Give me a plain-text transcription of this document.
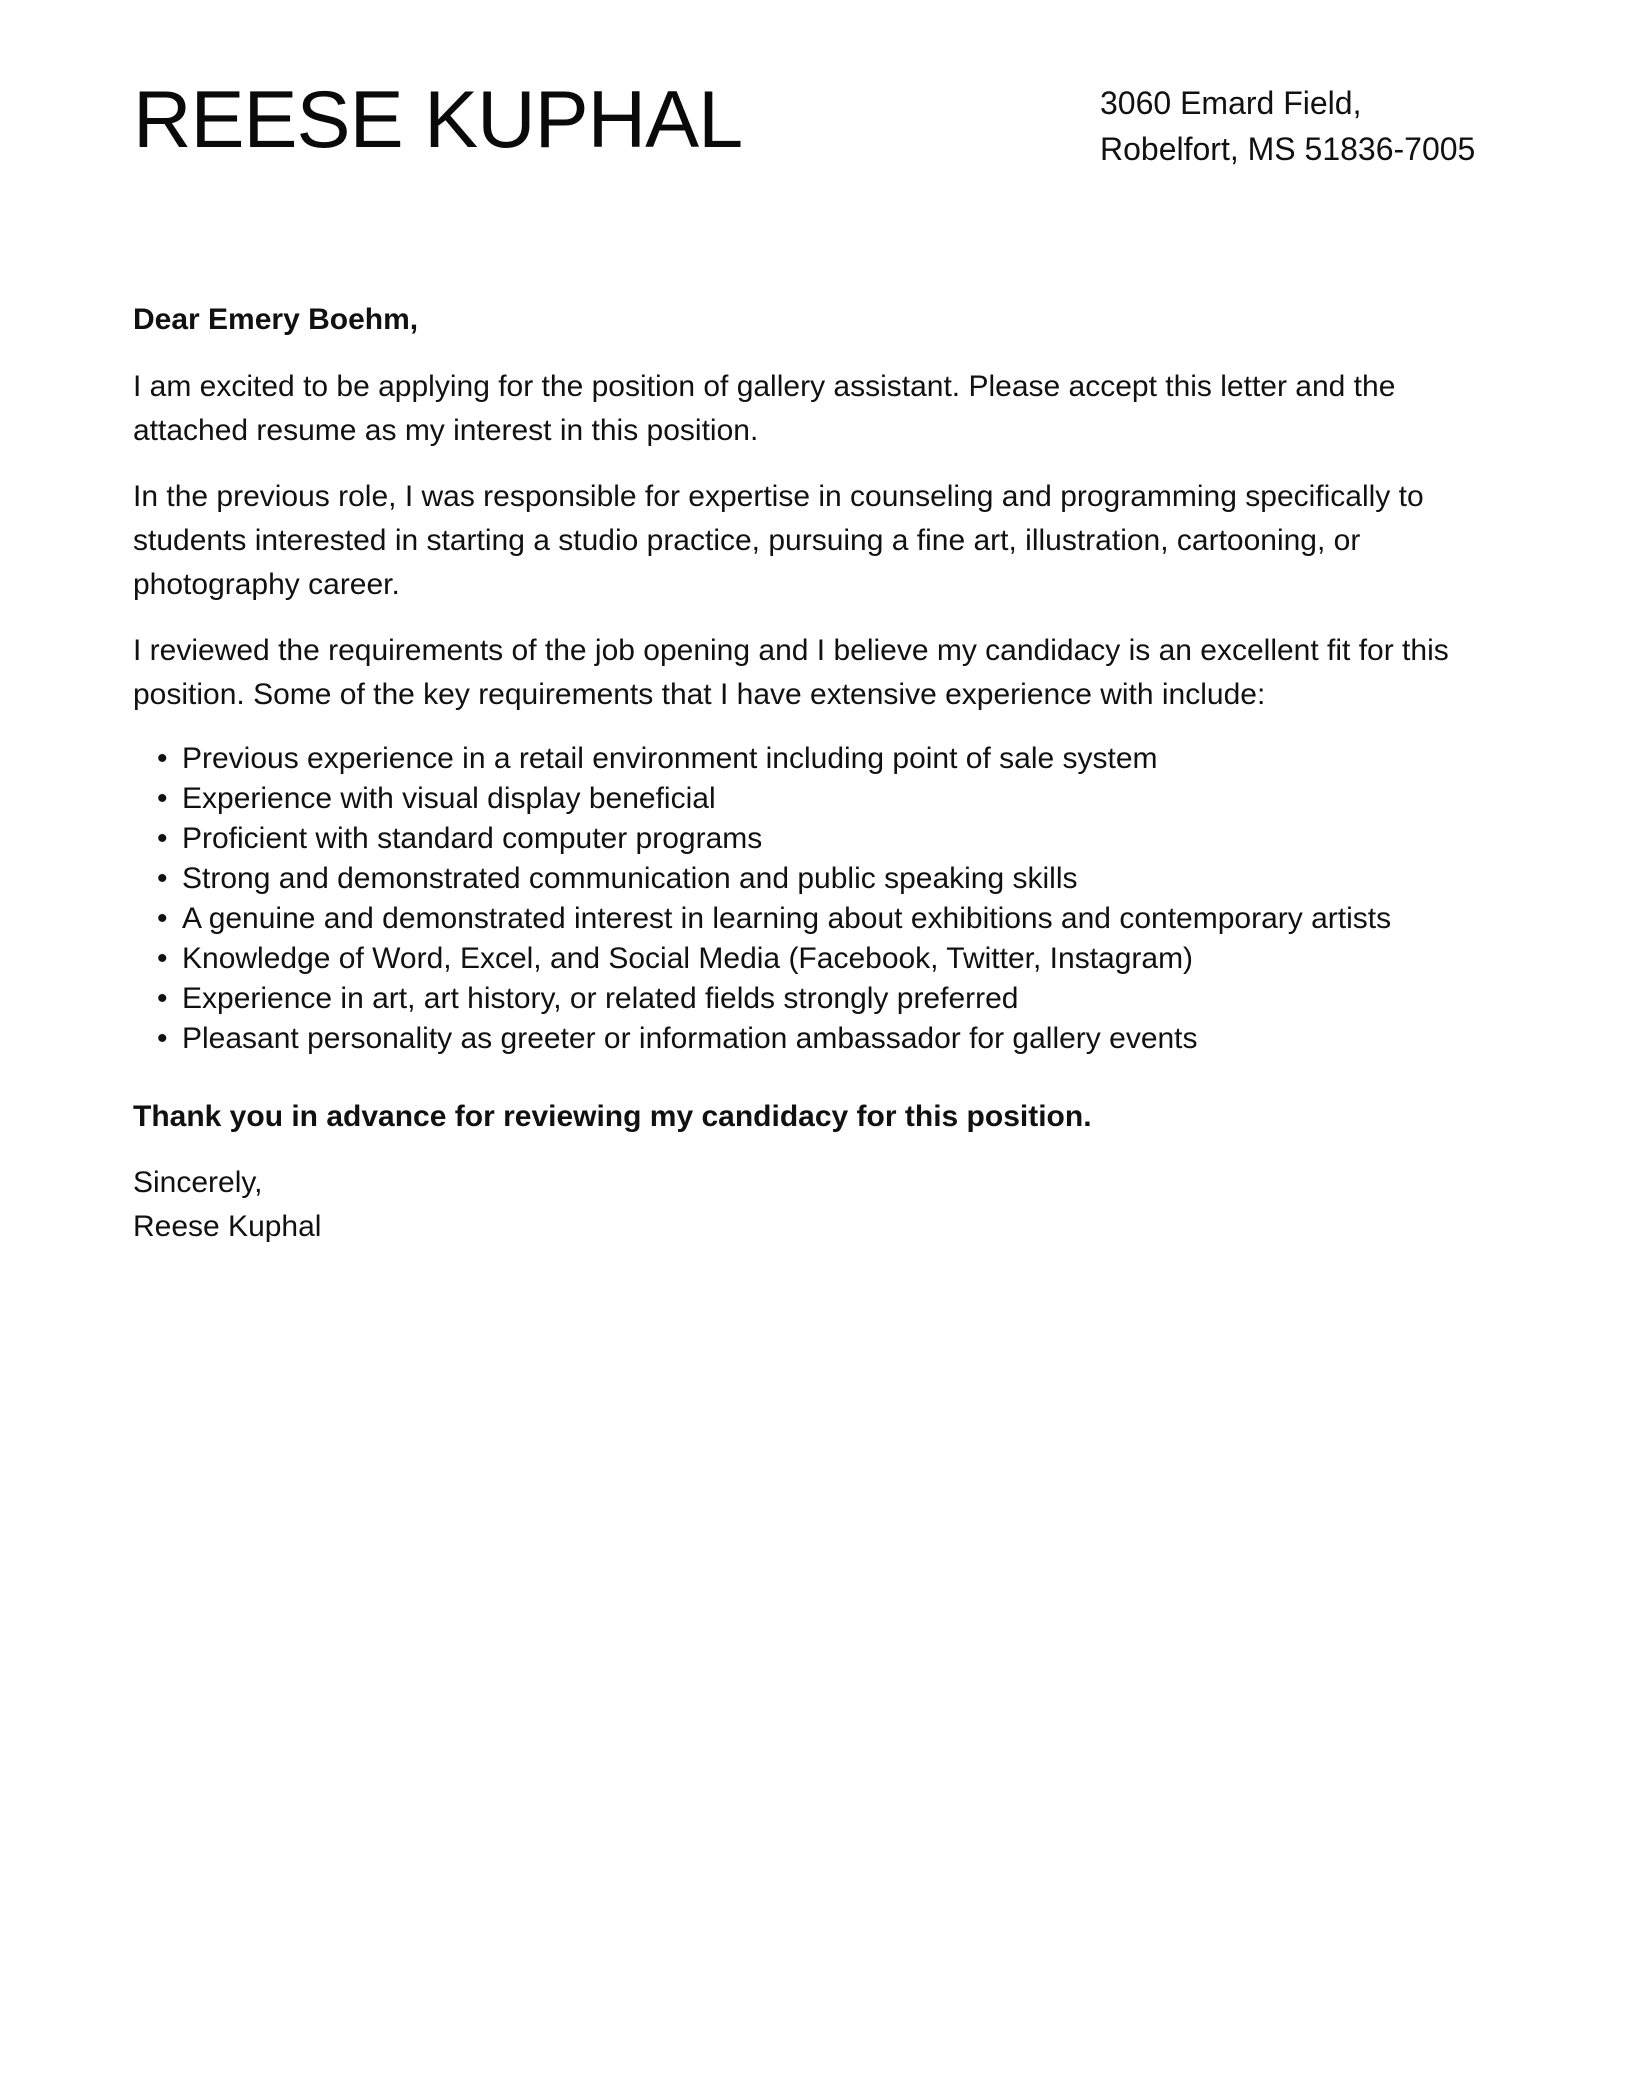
REESE KUPHAL	3060 Emard Field,
Robelfort, MS 51836-7005

Dear Emery Boehm,

I am excited to be applying for the position of gallery assistant. Please accept this letter and the attached resume as my interest in this position.

In the previous role, I was responsible for expertise in counseling and programming specifically to students interested in starting a studio practice, pursuing a fine art, illustration, cartooning, or photography career.

I reviewed the requirements of the job opening and I believe my candidacy is an excellent fit for this position. Some of the key requirements that I have extensive experience with include:

• Previous experience in a retail environment including point of sale system
• Experience with visual display beneficial
• Proficient with standard computer programs
• Strong and demonstrated communication and public speaking skills
• A genuine and demonstrated interest in learning about exhibitions and contemporary artists
• Knowledge of Word, Excel, and Social Media (Facebook, Twitter, Instagram)
• Experience in art, art history, or related fields strongly preferred
• Pleasant personality as greeter or information ambassador for gallery events

Thank you in advance for reviewing my candidacy for this position.

Sincerely,
Reese Kuphal
